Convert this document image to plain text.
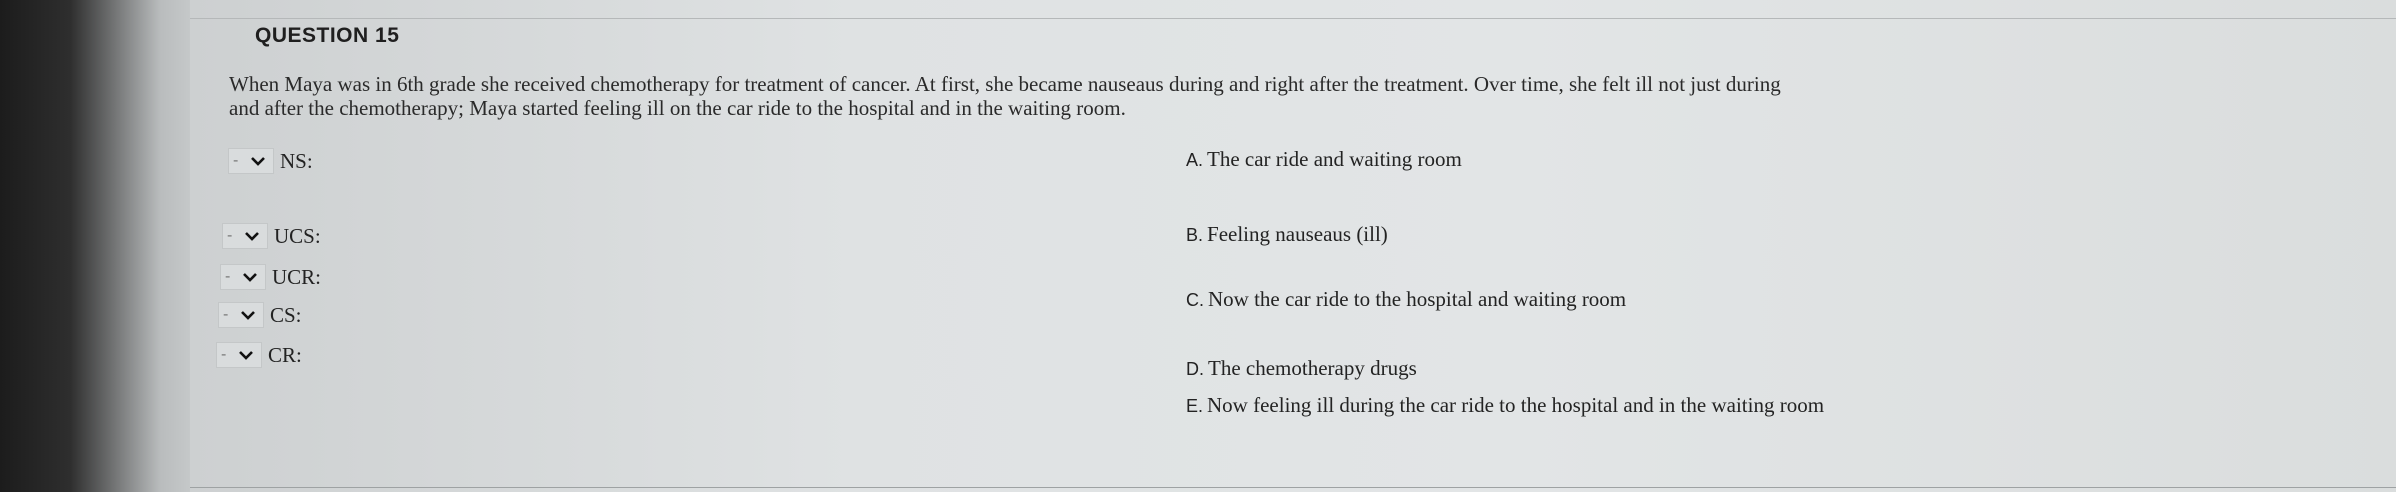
QUESTION 15

When Maya was in 6th grade she received chemotherapy for treatment of cancer. At first, she became nauseaus during and right after the treatment. Over time, she felt ill not just during

and after the chemotherapy; Maya started feeling ill on the car ride to the hospital and in the waiting room.

-	NS:
-	UCS:
-	UCR:
-	CS:
-	CR:
A. The car ride and waiting room
B. Feeling nauseaus (ill)
C. Now the car ride to the hospital and waiting room
D. The chemotherapy drugs
E. Now feeling ill during the car ride to the hospital and in the waiting room
